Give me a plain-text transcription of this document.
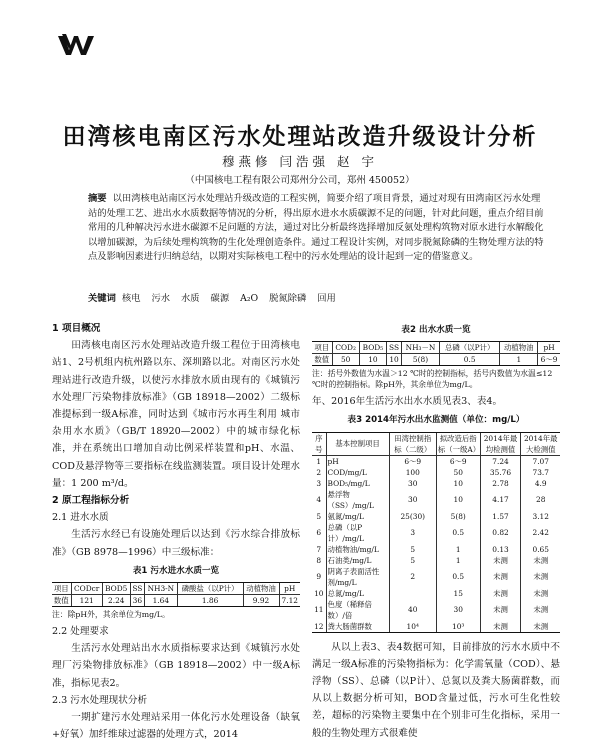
田湾核电南区污水处理站改造升级设计分析
穆燕修 闫浩强 赵 宇
（中国核电工程有限公司郑州分公司，郑州 450052）
摘要 以田湾核电站南区污水处理站升级改造的工程实例，简要介绍了项目背景，通过对现有田湾南区污水处理站的处理工艺、进出水水质数据等情况的分析，得出原水进水水质碳源不足的问题，针对此问题，重点介绍目前常用的几种解决污水进水碳源不足问题的方法，通过对比分析最终选择增加反氨处理构筑物对原水进行水解酸化以增加碳源，为后续处理构筑物的生化处理创造条件。通过工程设计实例，对同步脱氮除磷的生物处理方法的特点及影响因素进行归纳总结，以期对实际核电工程中的污水处理站的设计起到一定的借鉴意义。
关键词 核电 污水 水质 碳源 A₂O 脱氮除磷 回用
1 项目概况
田湾核电南区污水处理站改造升级工程位于田湾核电站1、2号机组内杭州路以东、深圳路以北。对南区污水处理站进行改造升级，以使污水排放水质由现有的《城镇污水处理厂污染物排放标准》（GB 18918—2002）二级标准提标到一级A标准，同时达到《城市污水再生利用 城市杂用水水质》（GB/T 18920—2002）中的城市绿化标准，并在系统出口增加自动比例采样装置和pH、水温、COD及悬浮物等三要指标在线监测装置。项目设计处理水量：1 200 m³/d。
2 原工程指标分析
2.1 进水水质
生活污水经已有设施处理后以达到《污水综合排放标准》（GB 8978—1996）中三级标准：
表1 污水进水水质一览
项目	CODcr	BOD5	SS	NH3-N	磷酸盐（以P计）	动植物油	pH
数值	121	2.24	36	1.64	1.86	9.92	7.12
注：除pH外，其余单位为mg/L。
2.2 处理要求
生活污水处理站出水水质指标要求达到《城镇污水处理厂污染物排放标准》（GB 18918—2002）中一级A标准，指标见表2。
2.3 污水处理现状分析
一期扩建污水处理站采用一体化污水处理设备（缺氧+好氧）加纤维球过滤器的处理方式，2014
表2 出水水质一览
项目	COD₂	BOD₅	SS	NH₃－N	总磷（以P计）	动植物油	pH
数值	50	10	10	5(8)	0.5	1	6～9
注：括号外数值为水温＞12 ℃时的控制指标，括号内数值为水温≤12 ℃时的控制指标。除pH外，其余单位为mg/L。
年、2016年生活污水出水水质见表3、表4。
表3 2014年污水出水监测值（单位：mg/L）
序号	基本控制项目	田湾控制指标（二级）	拟改造后指标（一级A）	2014年最均检测值	2014年最大检测值
1	pH	6～9	6～9	7.24	7.07
2	COD/mg/L	100	50	35.76	73.7
3	BOD₅/mg/L	30	10	2.78	4.9
4	悬浮物（SS）/mg/L	30	10	4.17	28
5	氨氮/mg/L	25(30)	5(8)	1.57	3.12
6	总磷（以P计）/mg/L	3	0.5	0.82	2.42
7	动植物油/mg/L	5	1	0.13	0.65
8	石油类/mg/L	5	1	未测	未测
9	阴离子表面活性剂/mg/L	2	0.5	未测	未测
10	总氮/mg/L		15	未测	未测
11	色度（稀释倍数）/倍	40	30	未测	未测
12	粪大肠菌群数	10⁴	10³	未测	未测
从以上表3、表4数据可知，目前排放的污水水质中不满足一级A标准的污染物指标为：化学需氧量（COD）、悬浮物（SS）、总磷（以P计）、总氮以及粪大肠菌群数，而从以上数据分析可知，BOD含量过低，污水可生化性较差，超标的污染物主要集中在个别非可生化指标，采用一般的生物处理方式很难使
